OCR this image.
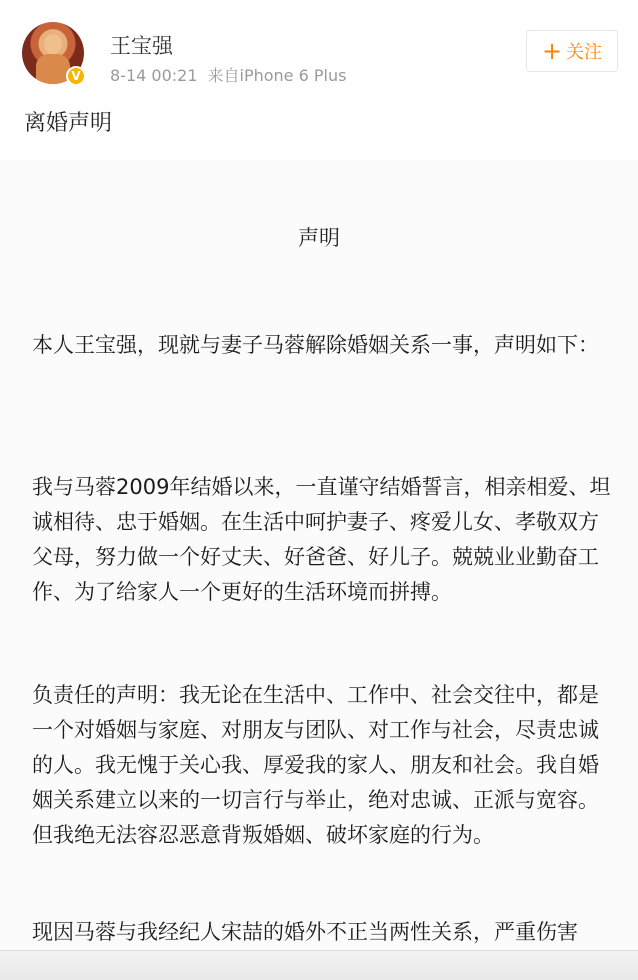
V
王宝强
8-14 00:21 来自iPhone 6 Plus
+ 关注
离婚声明
声明
本人王宝强，现就与妻子马蓉解除婚姻关系一事，声明如下：
我与马蓉2009年结婚以来，一直谨守结婚誓言，相亲相爱、坦诚相待、忠于婚姻。在生活中呵护妻子、疼爱儿女、孝敬双方父母，努力做一个好丈夫、好爸爸、好儿子。兢兢业业勤奋工作、为了给家人一个更好的生活环境而拼搏。
负责任的声明：我无论在生活中、工作中、社会交往中，都是一个对婚姻与家庭、对朋友与团队、对工作与社会，尽责忠诚的人。我无愧于关心我、厚爱我的家人、朋友和社会。我自婚姻关系建立以来的一切言行与举止，绝对忠诚、正派与宽容。但我绝无法容忍恶意背叛婚姻、破坏家庭的行为。
现因马蓉与我经纪人宋喆的婚外不正当两性关系，严重伤害
